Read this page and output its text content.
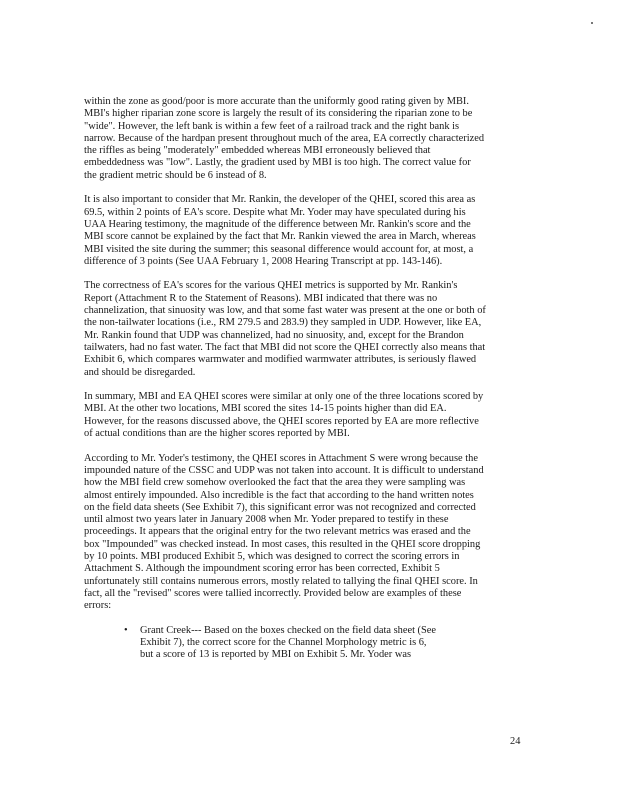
within the zone as good/poor is more accurate than the uniformly good rating given by MBI.
MBI's higher riparian zone score is largely the result of its considering the riparian zone to be
"wide". However, the left bank is within a few feet of a railroad track and the right bank is
narrow. Because of the hardpan present throughout much of the area, EA correctly characterized
the riffles as being "moderately" embedded whereas MBI erroneously believed that
embeddedness was "low". Lastly, the gradient used by MBI is too high. The correct value for
the gradient metric should be 6 instead of 8.

It is also important to consider that Mr. Rankin, the developer of the QHEI, scored this area as
69.5, within 2 points of EA's score. Despite what Mr. Yoder may have speculated during his
UAA Hearing testimony, the magnitude of the difference between Mr. Rankin's score and the
MBI score cannot be explained by the fact that Mr. Rankin viewed the area in March, whereas
MBI visited the site during the summer; this seasonal difference would account for, at most, a
difference of 3 points (See UAA February 1, 2008 Hearing Transcript at pp. 143-146).

The correctness of EA's scores for the various QHEI metrics is supported by Mr. Rankin's
Report (Attachment R to the Statement of Reasons). MBI indicated that there was no
channelization, that sinuosity was low, and that some fast water was present at the one or both of
the non-tailwater locations (i.e., RM 279.5 and 283.9) they sampled in UDP. However, like EA,
Mr. Rankin found that UDP was channelized, had no sinuosity, and, except for the Brandon
tailwaters, had no fast water. The fact that MBI did not score the QHEI correctly also means that
Exhibit 6, which compares warmwater and modified warmwater attributes, is seriously flawed
and should be disregarded.

In summary, MBI and EA QHEI scores were similar at only one of the three locations scored by
MBI. At the other two locations, MBI scored the sites 14-15 points higher than did EA.
However, for the reasons discussed above, the QHEI scores reported by EA are more reflective
of actual conditions than are the higher scores reported by MBI.

According to Mr. Yoder's testimony, the QHEI scores in Attachment S were wrong because the
impounded nature of the CSSC and UDP was not taken into account. It is difficult to understand
how the MBI field crew somehow overlooked the fact that the area they were sampling was
almost entirely impounded. Also incredible is the fact that according to the hand written notes
on the field data sheets (See Exhibit 7), this significant error was not recognized and corrected
until almost two years later in January 2008 when Mr. Yoder prepared to testify in these
proceedings. It appears that the original entry for the two relevant metrics was erased and the
box "Impounded" was checked instead. In most cases, this resulted in the QHEI score dropping
by 10 points. MBI produced Exhibit 5, which was designed to correct the scoring errors in
Attachment S. Although the impoundment scoring error has been corrected, Exhibit 5
unfortunately still contains numerous errors, mostly related to tallying the final QHEI score. In
fact, all the "revised" scores were tallied incorrectly. Provided below are examples of these
errors:

• Grant Creek--- Based on the boxes checked on the field data sheet (See
Exhibit 7), the correct score for the Channel Morphology metric is 6,
but a score of 13 is reported by MBI on Exhibit 5. Mr. Yoder was
24
